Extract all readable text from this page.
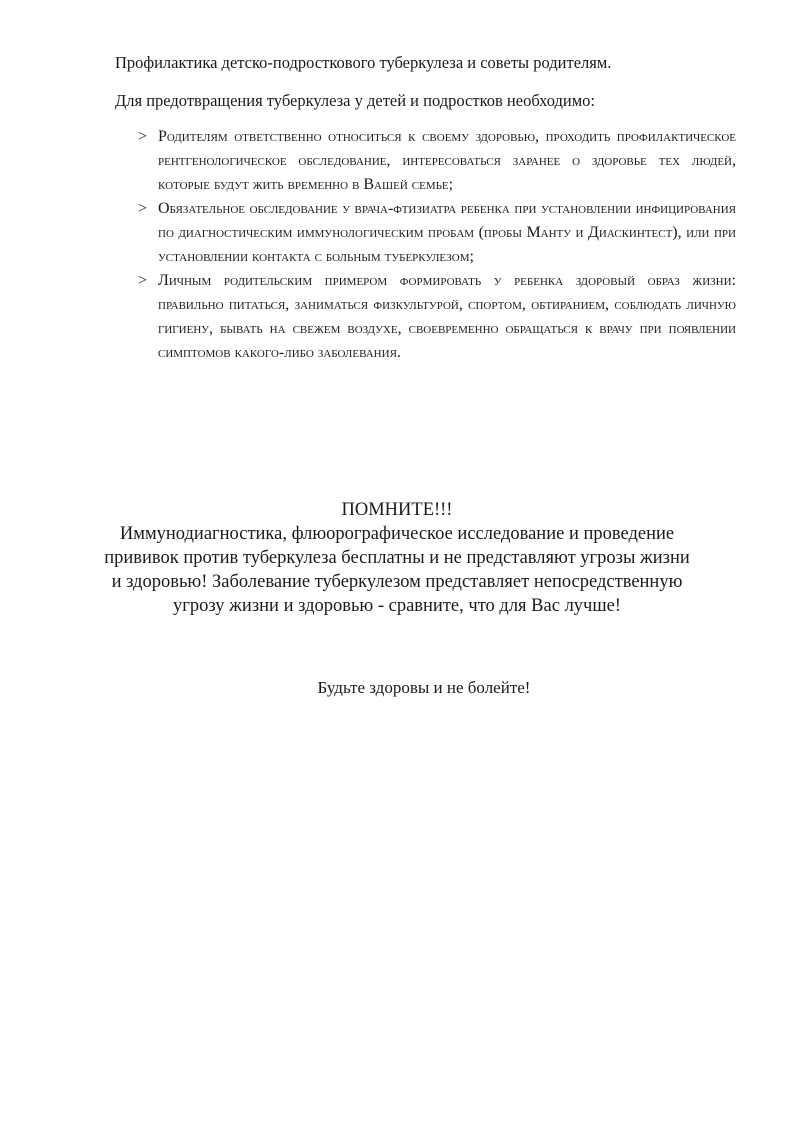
Профилактика детско-подросткового туберкулеза и советы родителям.
Для предотвращения туберкулеза у детей и подростков необходимо:
> Родителям ответственно относиться к своему здоровью, проходить профилактическое рентгенологическое обследование, интересоваться заранее о здоровье тех людей, которые будут жить временно в Вашей семье;
> Обязательное обследование у врача-фтизиатра ребенка при установлении инфицирования по диагностическим иммунологическим пробам (пробы Манту и Диаскинтест), или при установлении контакта с больным туберкулезом;
> Личным родительским примером формировать у ребенка здоровый образ жизни: правильно питаться, заниматься физкультурой, спортом, обтиранием, соблюдать личную гигиену, бывать на свежем воздухе, своевременно обращаться к врачу при появлении симптомов какого-либо заболевания.
ПОМНИТЕ!!!
Иммунодиагностика, флюорографическое исследование и проведение прививок против туберкулеза бесплатны и не представляют угрозы жизни и здоровью! Заболевание туберкулезом представляет непосредственную угрозу жизни и здоровью - сравните, что для Вас лучше!
Будьте здоровы и не болейте!
